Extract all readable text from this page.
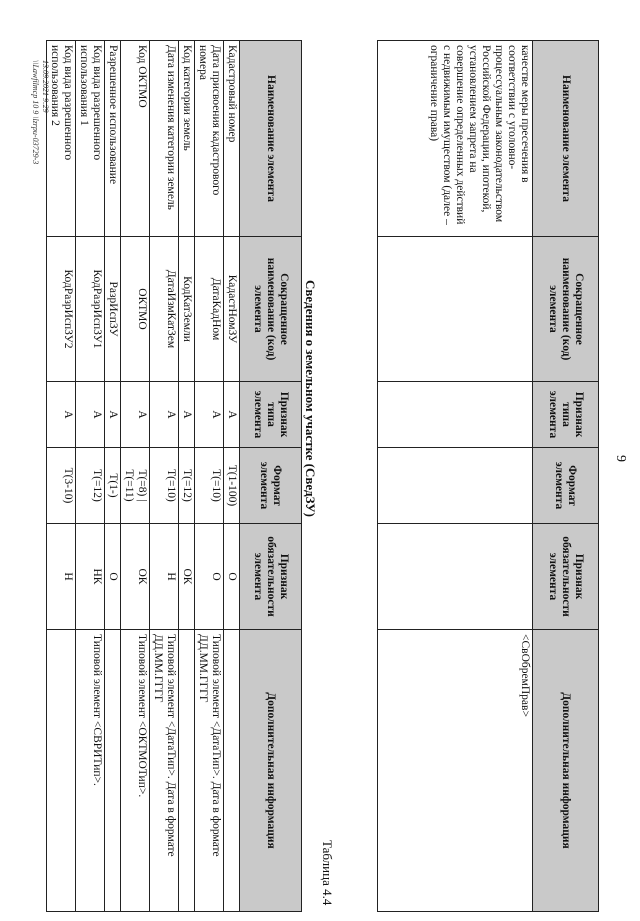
9
Наименование элемента	Сокращенное наименование (код) элемента	Признак типа элемента	Формат элемента	Признак обязательности элемента	Дополнительная информация
качестве меры пресечения в соответствии с уголовно-процессуальным законодательством Российской Федерации, ипотекой, установлением запрета на совершение определенных действий с недвижимым имуществом (далее – ограничение права)					<СвОбремПрав>
Таблица 4.4
Сведения о земельном участке (СведЗУ)
Наименование элемента	Сокращенное наименование (код) элемента	Признак типа элемента	Формат элемента	Признак обязательности элемента	Дополнительная информация
Кадастровый номер	КадастНомЗУ	А	Т(1-100)	О	
Дата присвоения кадастрового номера	ДатаКадНом	А	Т(=10)	О	Типовой элемент <ДатаТип>. Дата в формате ДД.ММ.ГГГГ
Код категории земель	КодКатЗемли	А	Т(=12)	ОК	
Дата изменения категории земель	ДатаИзмКатЗем	А	Т(=10)	Н	Типовой элемент <ДатаТип>. Дата в формате ДД.ММ.ГГГГ
Код ОКТМО	ОКТМО	А	Т(=8) | Т(=11)	ОК	Типовой элемент <ОКТМОТип>.
Разрешенное использование	РазрИспЗУ	А	Т(1-)	О	
Код вида разрешенного использования 1	КодРазрИспЗУ1	А	Т(=12)	НК	Типовой элемент <СВРИТип>.
Код вида разрешенного использования 2	КодРазрИспЗУ2	А	Т(3-10)	Н	
13.09.2021 9:29
\\Lawfilmcp 10 9 \lzrpu-03729-3
